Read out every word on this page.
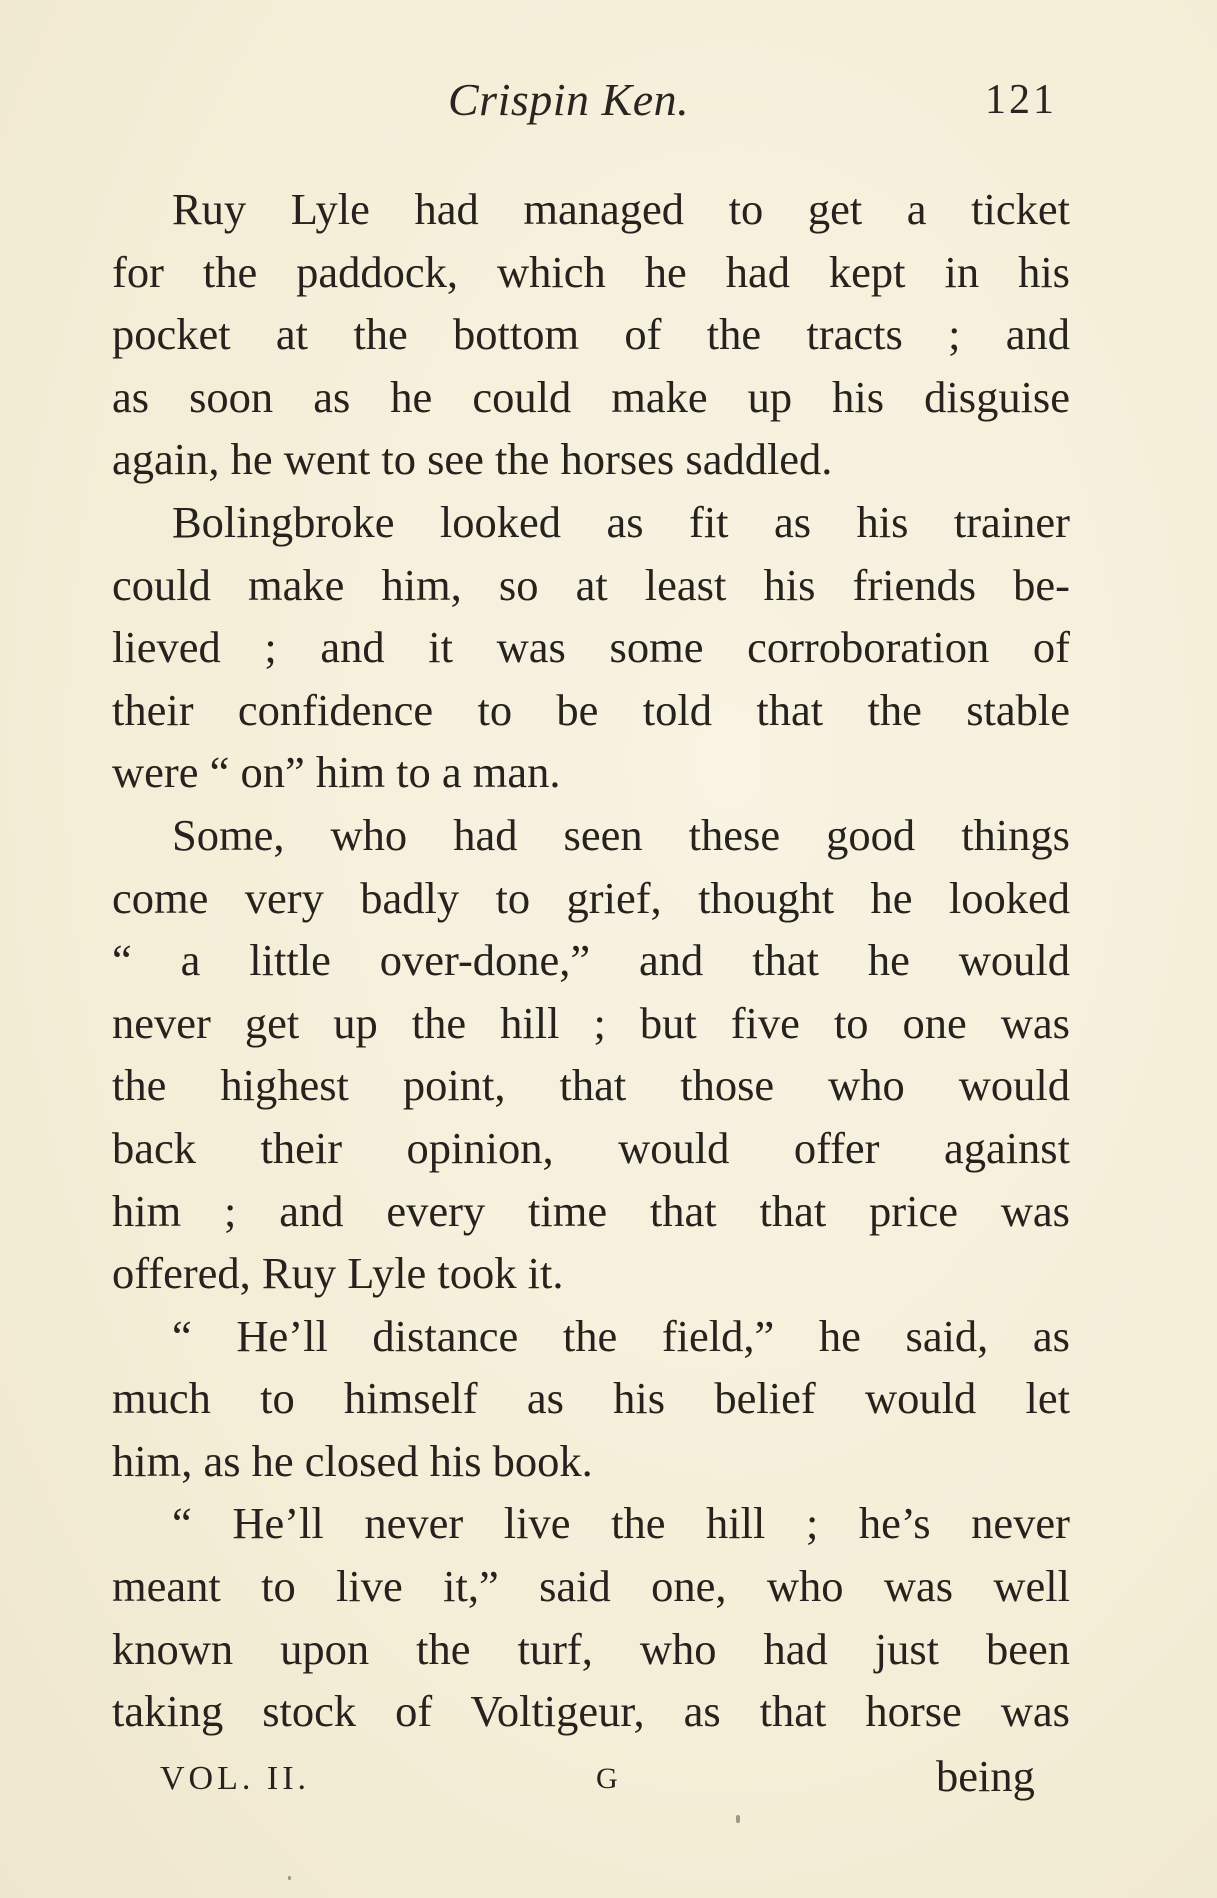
Crispin Ken.	121
Ruy Lyle had managed to get a ticket
for the paddock, which he had kept in his
pocket at the bottom of the tracts ; and
as soon as he could make up his disguise
again, he went to see the horses saddled.
Bolingbroke looked as fit as his trainer
could make him, so at least his friends be-
lieved ; and it was some corroboration of
their confidence to be told that the stable
were “ on” him to a man.
Some, who had seen these good things
come very badly to grief, thought he looked
“ a little over-done,” and that he would
never get up the hill ; but five to one was
the highest point, that those who would
back their opinion, would offer against
him ; and every time that that price was
offered, Ruy Lyle took it.
“ He’ll distance the field,” he said, as
much to himself as his belief would let
him, as he closed his book.
“ He’ll never live the hill ; he’s never
meant to live it,” said one, who was well
known upon the turf, who had just been
taking stock of Voltigeur, as that horse was
VOL. II.	G	being
